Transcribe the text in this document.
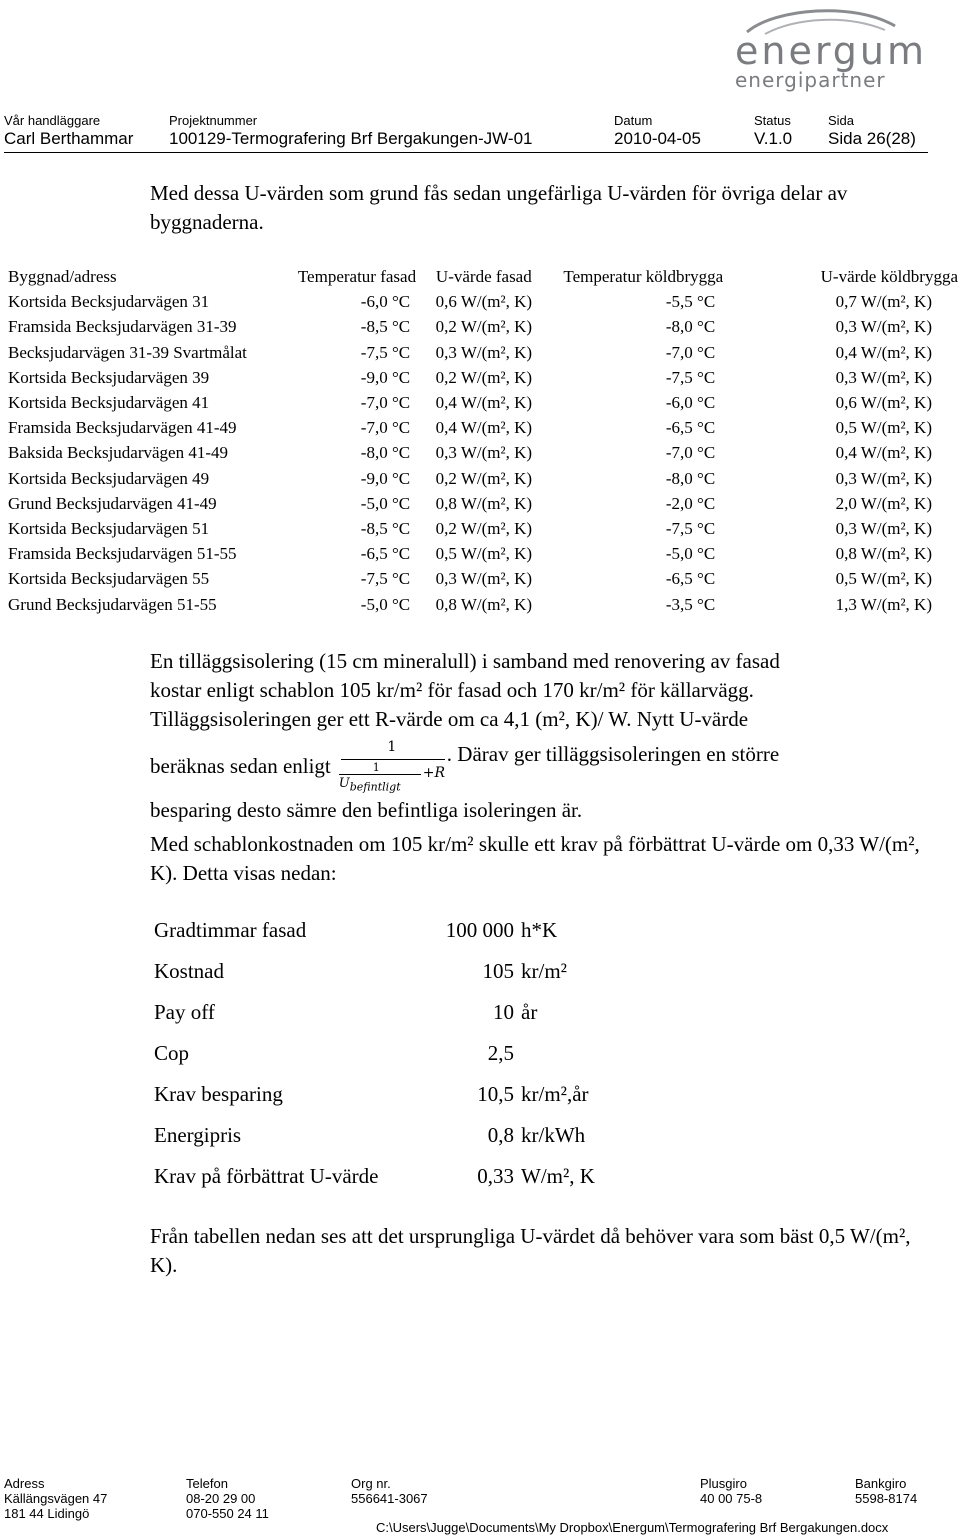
energum
energipartner
Vår handläggare
Carl Berthammar
Projektnummer
100129-Termografering Brf Bergakungen-JW-01
Datum
2010-04-05
Status
V.1.0
Sida
Sida 26(28)
Med dessa U-värden som grund fås sedan ungefärliga U-värden för övriga delar av byggnaderna.
Byggnad/adress	Temperatur fasad	U-värde fasad	Temperatur köldbrygga	U-värde köldbrygga
Kortsida Becksjudarvägen 31	-6,0 °C	0,6 W/(m², K)	-5,5 °C	0,7 W/(m², K)
Framsida Becksjudarvägen 31-39	-8,5 °C	0,2 W/(m², K)	-8,0 °C	0,3 W/(m², K)
Becksjudarvägen 31-39 Svartmålat	-7,5 °C	0,3 W/(m², K)	-7,0 °C	0,4 W/(m², K)
Kortsida Becksjudarvägen 39	-9,0 °C	0,2 W/(m², K)	-7,5 °C	0,3 W/(m², K)
Kortsida Becksjudarvägen 41	-7,0 °C	0,4 W/(m², K)	-6,0 °C	0,6 W/(m², K)
Framsida Becksjudarvägen 41-49	-7,0 °C	0,4 W/(m², K)	-6,5 °C	0,5 W/(m², K)
Baksida Becksjudarvägen 41-49	-8,0 °C	0,3 W/(m², K)	-7,0 °C	0,4 W/(m², K)
Kortsida Becksjudarvägen 49	-9,0 °C	0,2 W/(m², K)	-8,0 °C	0,3 W/(m², K)
Grund Becksjudarvägen 41-49	-5,0 °C	0,8 W/(m², K)	-2,0 °C	2,0 W/(m², K)
Kortsida Becksjudarvägen 51	-8,5 °C	0,2 W/(m², K)	-7,5 °C	0,3 W/(m², K)
Framsida Becksjudarvägen 51-55	-6,5 °C	0,5 W/(m², K)	-5,0 °C	0,8 W/(m², K)
Kortsida Becksjudarvägen 55	-7,5 °C	0,3 W/(m², K)	-6,5 °C	0,5 W/(m², K)
Grund Becksjudarvägen 51-55	-5,0 °C	0,8 W/(m², K)	-3,5 °C	1,3 W/(m², K)
En tilläggsisolering (15 cm mineralull) i samband med renovering av fasad
kostar enligt schablon 105 kr/m² för fasad och 170 kr/m² för källarvägg.
Tilläggsisoleringen ger ett R-värde om ca 4,1 (m², K)/ W. Nytt U-värde
beräknas sedan enligt 1
1
$U_{befintligt}$
+R . Därav ger tilläggsisoleringen en större
besparing desto sämre den befintliga isoleringen är.
Med schablonkostnaden om 105 kr/m² skulle ett krav på förbättrat U-värde om 0,33 W/(m², K). Detta visas nedan:
Gradtimmar fasad	100 000 h*K
Kostnad	105 kr/m²
Pay off	10 år
Cop	2,5
Krav besparing	10,5 kr/m²,år
Energipris	0,8 kr/kWh
Krav på förbättrat U-värde	0,33 W/m², K
Från tabellen nedan ses att det ursprungliga U-värdet då behöver vara som bäst 0,5 W/(m², K).
Adress
Källängsvägen 47
181 44 Lidingö
Telefon
08-20 29 00
070-550 24 11
Org nr.
556641-3067
Plusgiro
40 00 75-8
Bankgiro
5598-8174
C:\Users\Jugge\Documents\My Dropbox\Energum\Termografering Brf Bergakungen.docx
